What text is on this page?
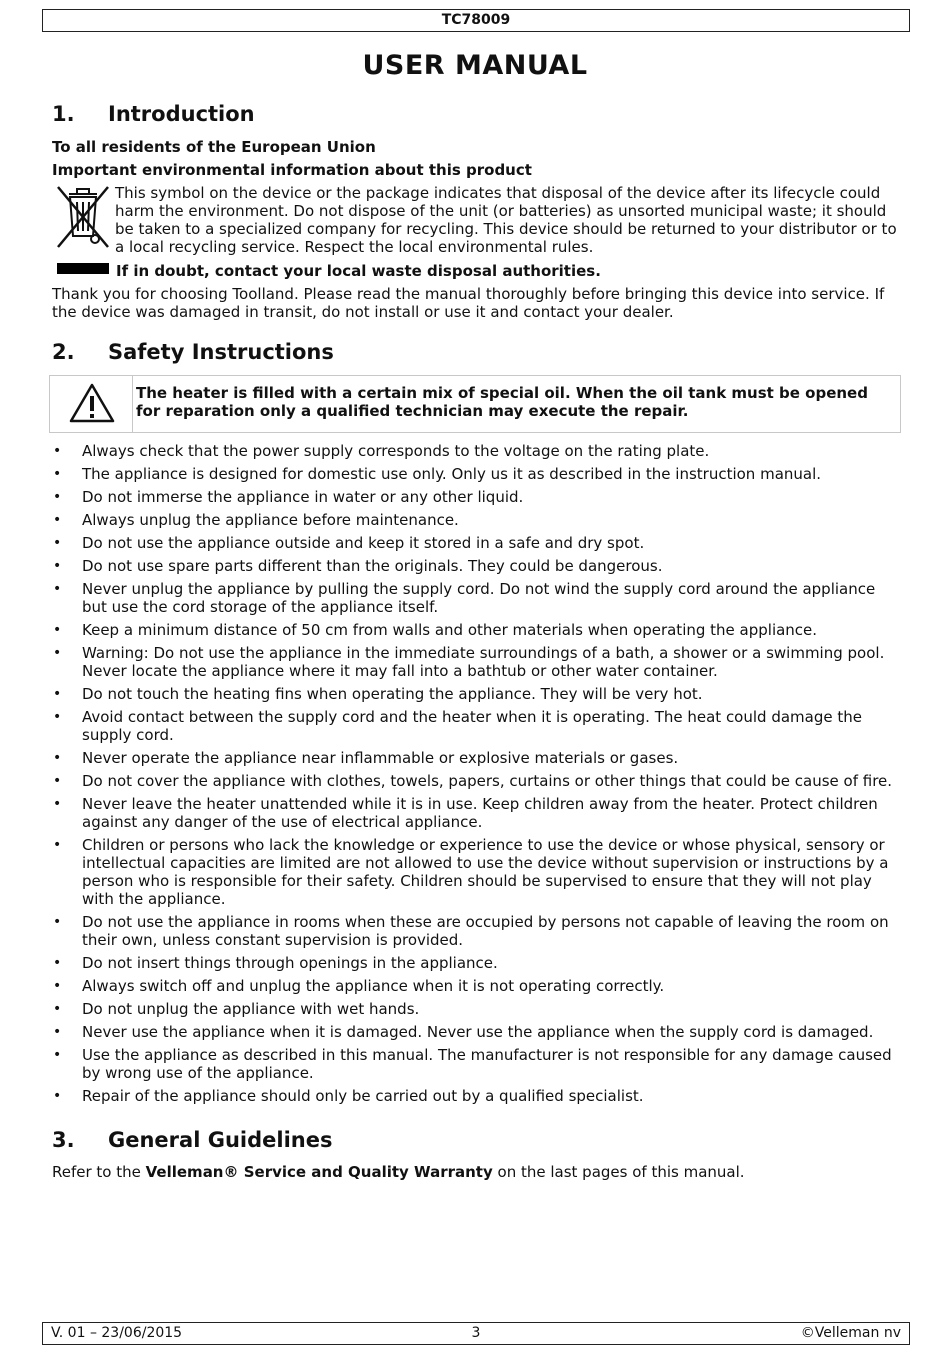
TC78009
USER MANUAL
1. Introduction
To all residents of the European Union
Important environmental information about this product
This symbol on the device or the package indicates that disposal of the device after its lifecycle could harm the environment. Do not dispose of the unit (or batteries) as unsorted municipal waste; it should be taken to a specialized company for recycling. This device should be returned to your distributor or to a local recycling service. Respect the local environmental rules.
If in doubt, contact your local waste disposal authorities.
Thank you for choosing Toolland. Please read the manual thoroughly before bringing this device into service. If the device was damaged in transit, do not install or use it and contact your dealer.
2. Safety Instructions
The heater is filled with a certain mix of special oil. When the oil tank must be opened for reparation only a qualified technician may execute the repair.
• Always check that the power supply corresponds to the voltage on the rating plate.
• The appliance is designed for domestic use only. Only us it as described in the instruction manual.
• Do not immerse the appliance in water or any other liquid.
• Always unplug the appliance before maintenance.
• Do not use the appliance outside and keep it stored in a safe and dry spot.
• Do not use spare parts different than the originals. They could be dangerous.
• Never unplug the appliance by pulling the supply cord. Do not wind the supply cord around the appliance but use the cord storage of the appliance itself.
• Keep a minimum distance of 50 cm from walls and other materials when operating the appliance.
• Warning: Do not use the appliance in the immediate surroundings of a bath, a shower or a swimming pool. Never locate the appliance where it may fall into a bathtub or other water container.
• Do not touch the heating fins when operating the appliance. They will be very hot.
• Avoid contact between the supply cord and the heater when it is operating. The heat could damage the supply cord.
• Never operate the appliance near inflammable or explosive materials or gases.
• Do not cover the appliance with clothes, towels, papers, curtains or other things that could be cause of fire.
• Never leave the heater unattended while it is in use. Keep children away from the heater. Protect children against any danger of the use of electrical appliance.
• Children or persons who lack the knowledge or experience to use the device or whose physical, sensory or intellectual capacities are limited are not allowed to use the device without supervision or instructions by a person who is responsible for their safety. Children should be supervised to ensure that they will not play with the appliance.
• Do not use the appliance in rooms when these are occupied by persons not capable of leaving the room on their own, unless constant supervision is provided.
• Do not insert things through openings in the appliance.
• Always switch off and unplug the appliance when it is not operating correctly.
• Do not unplug the appliance with wet hands.
• Never use the appliance when it is damaged. Never use the appliance when the supply cord is damaged.
• Use the appliance as described in this manual. The manufacturer is not responsible for any damage caused by wrong use of the appliance.
• Repair of the appliance should only be carried out by a qualified specialist.
3. General Guidelines
Refer to the Velleman® Service and Quality Warranty on the last pages of this manual.
V. 01 – 23/06/2015	3	©Velleman nv
